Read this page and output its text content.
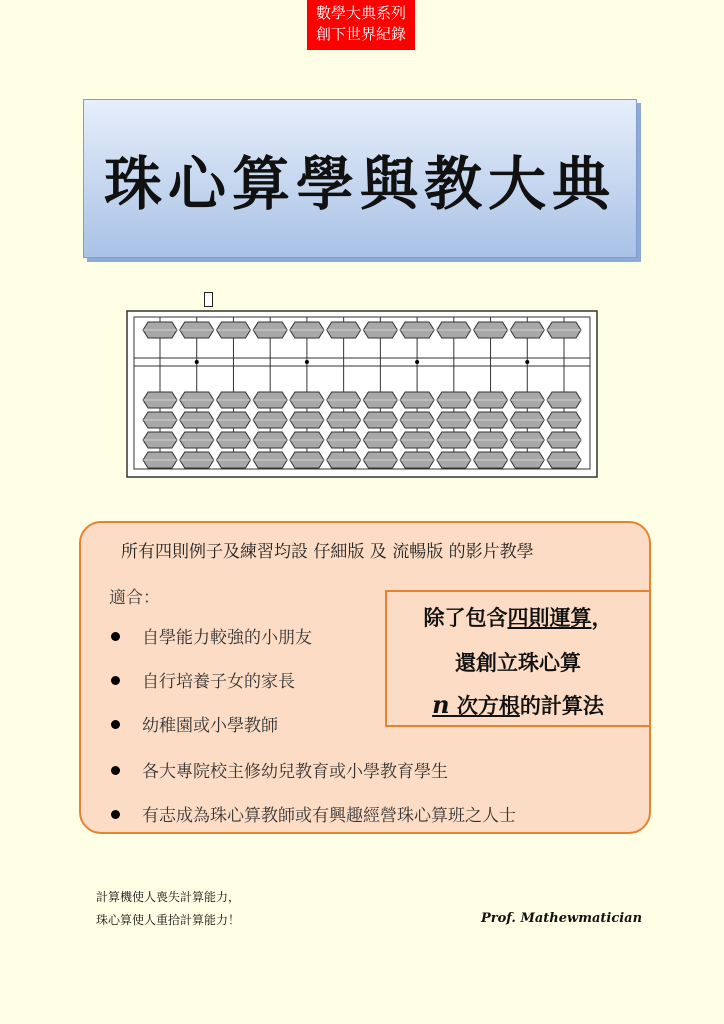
數學大典系列
創下世界紀錄
珠心算學與教大典
所有四則例子及練習均設 仔細版 及 流暢版 的影片教學
適合：
自學能力較強的小朋友
自行培養子女的家長
幼稚園或小學教師
各大專院校主修幼兒教育或小學教育學生
有志成為珠心算教師或有興趣經營珠心算班之人士
除了包含四則運算，
還創立珠心算
n 次方根的計算法
計算機使人喪失計算能力，
珠心算使人重拾計算能力！	Prof. Mathewmatician
